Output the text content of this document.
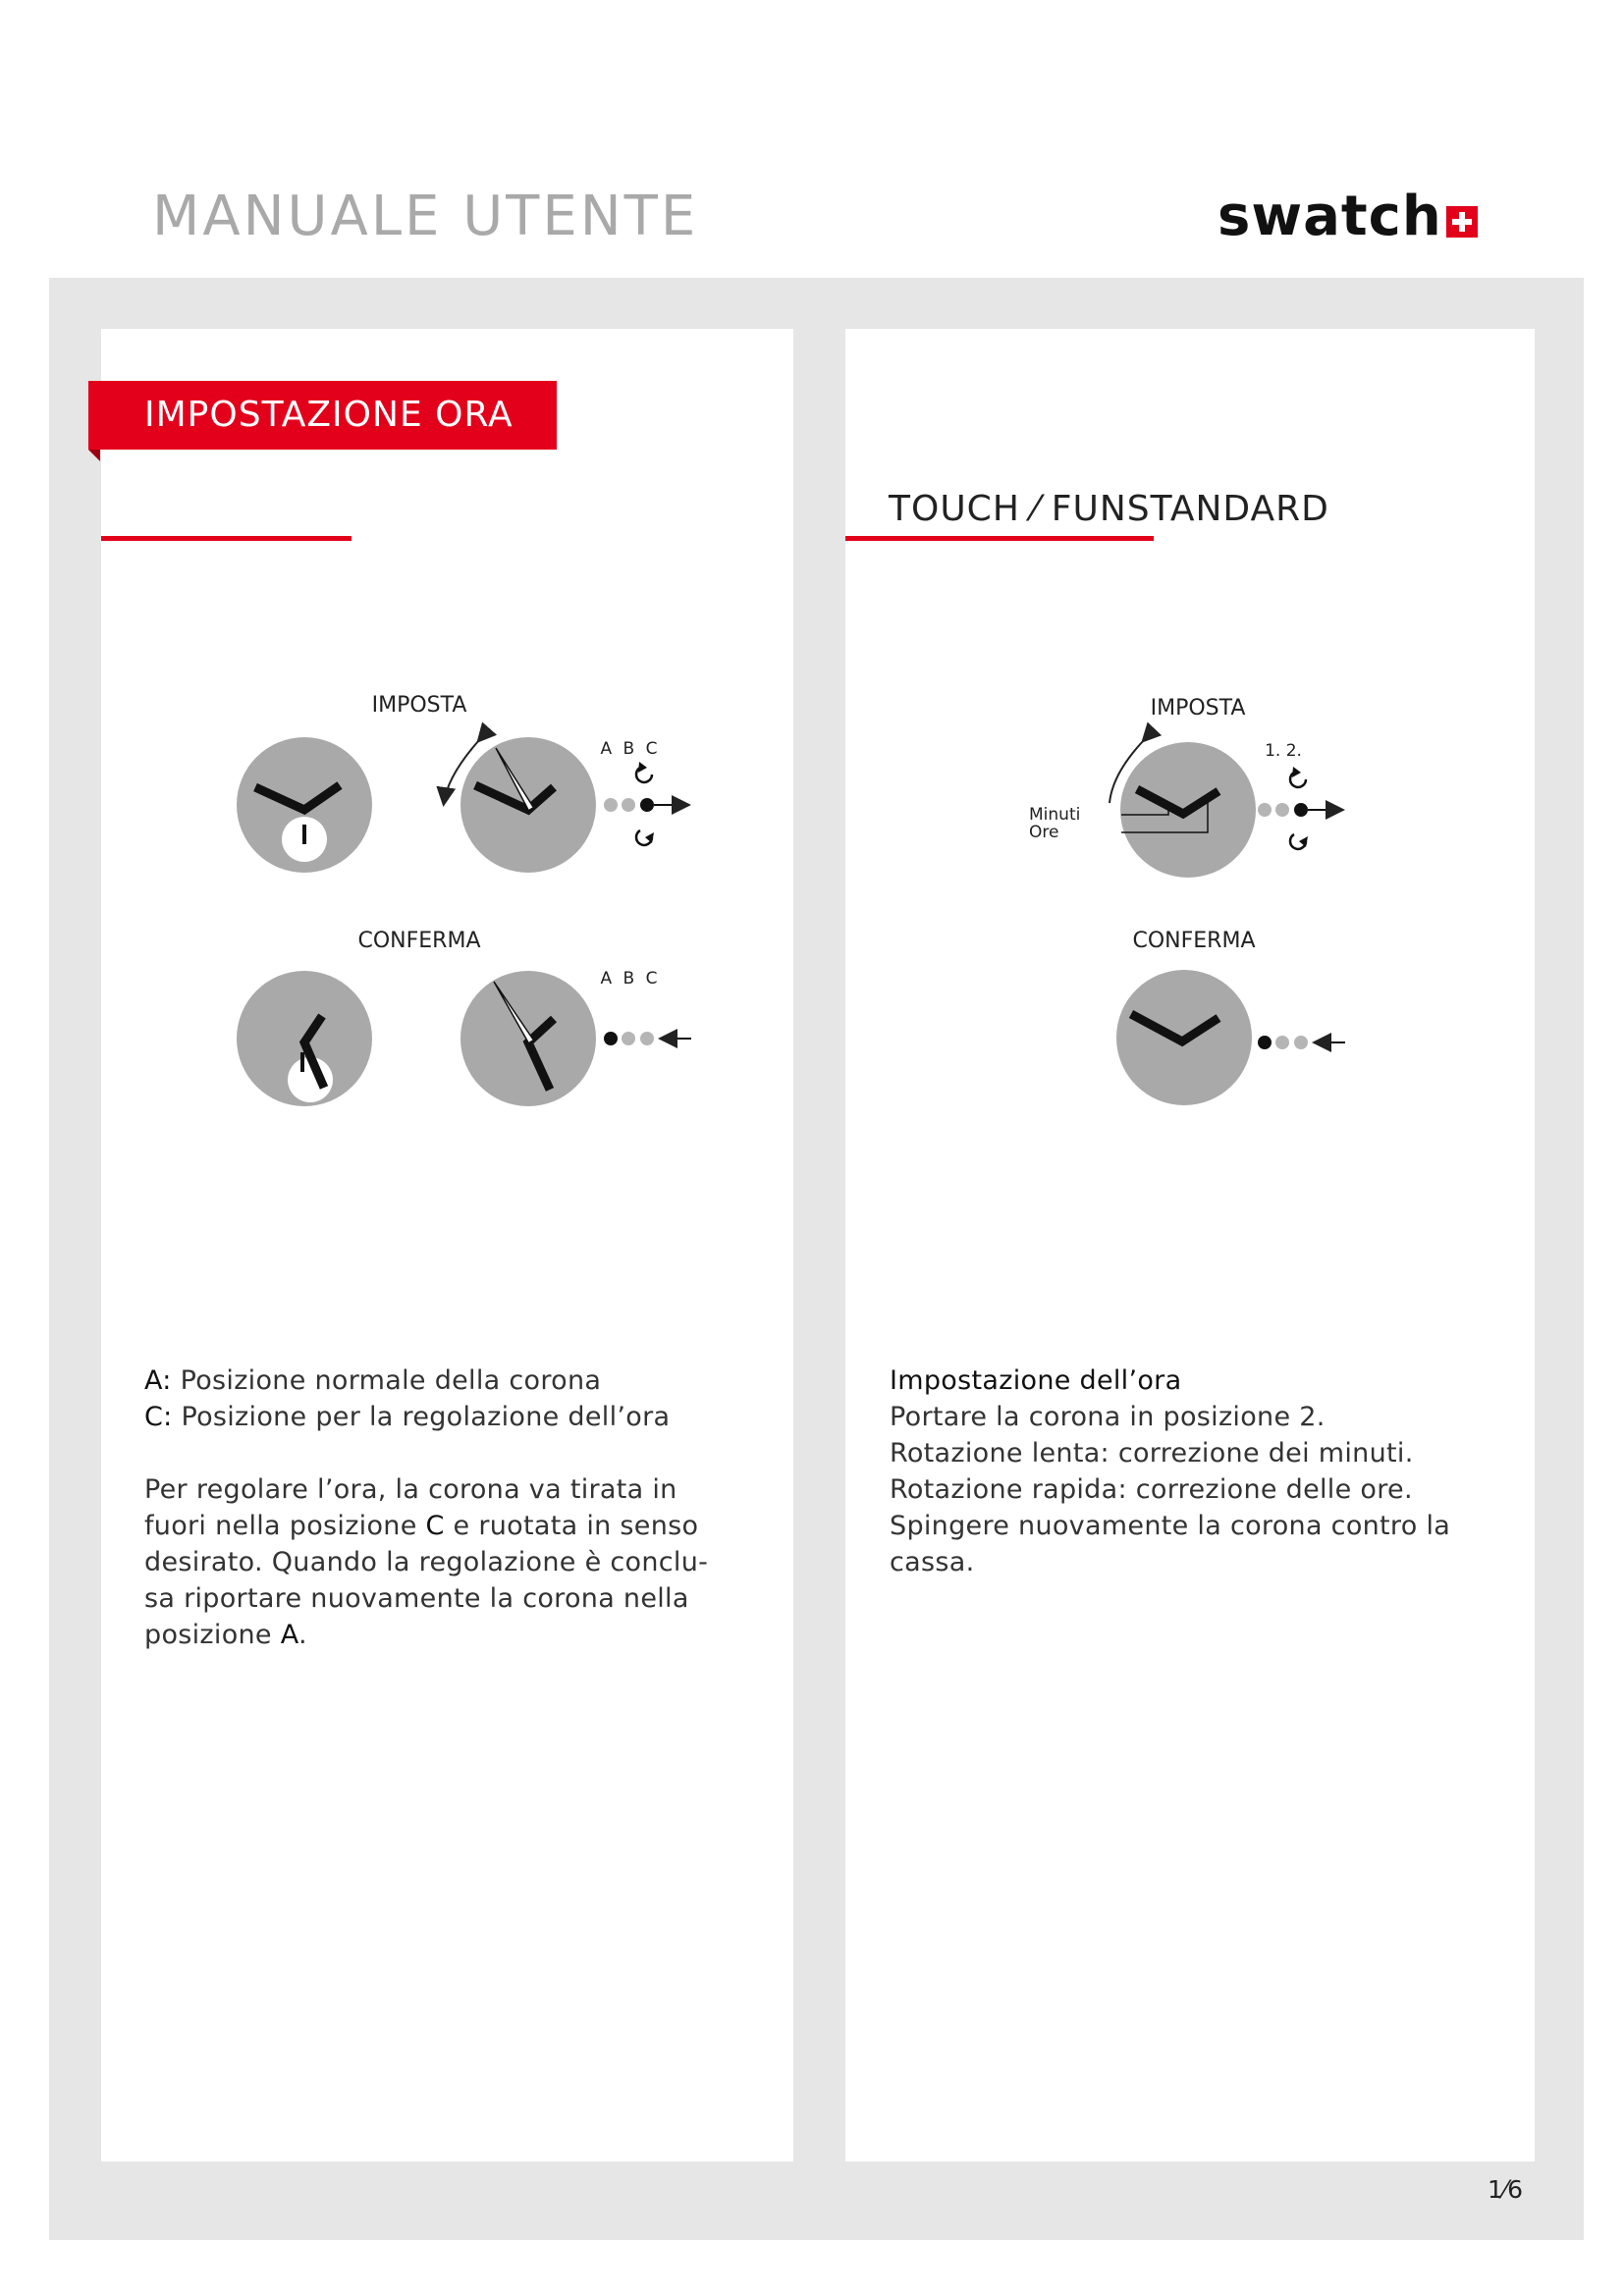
MANUALE UTENTE	swatch
IMPOSTAZIONE ORA
TOUCH ⁄ FUNSTANDARD
IMPOSTA
A B C
CONFERMA
A B C
IMPOSTA
Minuti
Ore
1. 2.
CONFERMA

A: Posizione normale della corona

C: Posizione per la regolazione dell’ora

Per regolare l’ora, la corona va tirata in

fuori nella posizione C e ruotata in senso

desirato. Quando la regolazione è conclu-

sa riportare nuovamente la corona nella

posizione A.

Impostazione dell’ora

Portare la corona in posizione 2.

Rotazione lenta: correzione dei minuti.

Rotazione rapida: correzione delle ore.

Spingere nuovamente la corona contro la

cassa.

1⁄6
